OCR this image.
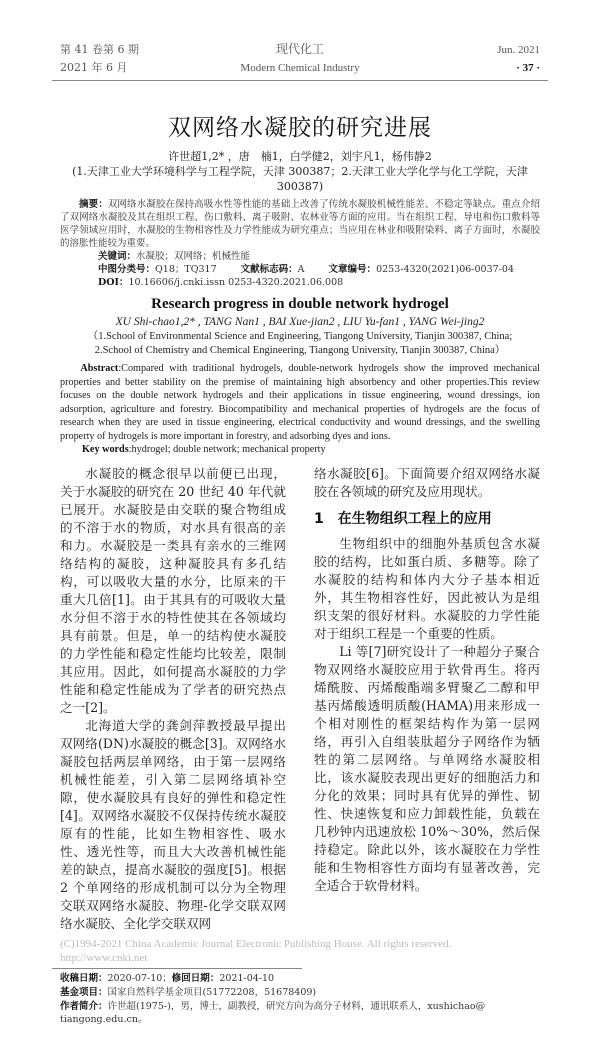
第 41 卷第 6 期	现代化工	Jun. 2021
2021 年 6 月	Modern Chemical Industry	· 37 ·
双网络水凝胶的研究进展
许世超1,2* ，唐　楠1，白学健2，刘宇凡1，杨伟静2
(1.天津工业大学环境科学与工程学院，天津 300387；2.天津工业大学化学与化工学院，天津 300387)
摘要：双网络水凝胶在保持高吸水性等性能的基础上改善了传统水凝胶机械性能差、不稳定等缺点。重点介绍了双网络水凝胶及其在组织工程、伤口敷料、离子吸附、农林业等方面的应用。当在组织工程、导电和伤口敷料等医学领域应用时，水凝胶的生物相容性及力学性能成为研究重点；当应用在林业和吸附染料、离子方面时，水凝胶的溶胀性能较为重要。
关键词：水凝胶；双网络；机械性能
中图分类号：Q18；TQ317	文献标志码：A	文章编号：0253-4320(2021)06-0037-04
DOI：10.16606/j.cnki.issn 0253-4320.2021.06.008
Research progress in double network hydrogel
XU Shi-chao1,2* , TANG Nan1 , BAI Xue-jian2 , LIU Yu-fan1 , YANG Wei-jing2
（1.School of Environmental Science and Engineering, Tiangong University, Tianjin 300387, China;
2.School of Chemistry and Chemical Engineering, Tiangong University, Tianjin 300387, China）
Abstract:Compared with traditional hydrogels, double-network hydrogels show the improved mechanical properties and better stability on the premise of maintaining high absorbency and other properties.This review focuses on the double network hydrogels and their applications in tissue engineering, wound dressings, ion adsorption, agriculture and forestry. Biocompatibility and mechanical properties of hydrogels are the focus of research when they are used in tissue engineering, electrical conductivity and wound dressings, and the swelling property of hydrogels is more important in forestry, and adsorbing dyes and ions.
Key words:hydrogel; double network; mechanical property

水凝胶的概念很早以前便已出现，关于水凝胶的研究在 20 世纪 40 年代就已展开。水凝胶是由交联的聚合物组成的不溶于水的物质，对水具有很高的亲和力。水凝胶是一类具有亲水的三维网络结构的凝胶，这种凝胶具有多孔结构，可以吸收大量的水分，比原来的干重大几倍[1]。由于其具有的可吸收大量水分但不溶于水的特性使其在各领域均具有前景。但是，单一的结构使水凝胶的力学性能和稳定性能均比较差，限制其应用。因此，如何提高水凝胶的力学性能和稳定性能成为了学者的研究热点之一[2]。

北海道大学的龚剑萍教授最早提出双网络(DN)水凝胶的概念[3]。双网络水凝胶包括两层单网络，由于第一层网络机械性能差，引入第二层网络填补空隙，使水凝胶具有良好的弹性和稳定性[4]。双网络水凝胶不仅保持传统水凝胶原有的性能，比如生物相容性、吸水性、透光性等，而且大大改善机械性能差的缺点，提高水凝胶的强度[5]。根据 2 个单网络的形成机制可以分为全物理交联双网络水凝胶、物理-化学交联双网络水凝胶、全化学交联双网

络水凝胶[6]。下面简要介绍双网络水凝胶在各领域的研究及应用现状。

1　在生物组织工程上的应用

生物组织中的细胞外基质包含水凝胶的结构，比如蛋白质、多糖等。除了水凝胶的结构和体内大分子基本相近外，其生物相容性好，因此被认为是组织支架的很好材料。水凝胶的力学性能对于组织工程是一个重要的性质。

Li 等[7]研究设计了一种超分子聚合物双网络水凝胶应用于软骨再生。将丙烯酰胺、丙烯酸酯端多臂聚乙二醇和甲基丙烯酸透明质酸(HAMA)用来形成一个相对刚性的框架结构作为第一层网络，再引入自组装肽超分子网络作为牺牲的第二层网络。与单网络水凝胶相比，该水凝胶表现出更好的细胞活力和分化的效果；同时具有优异的弹性、韧性、快速恢复和应力卸载性能，负载在几秒钟内迅速放松 10%～30%，然后保持稳定。除此以外，该水凝胶在力学性能和生物相容性方面均有显著改善，完全适合于软骨材料。

(C)1994-2021 China Academic Journal Electronic Publishing House. All rights reserved. http://www.cnki.net
收稿日期：2020-07-10；修回日期：2021-04-10
基金项目：国家自然科学基金项目(51772208，51678409)
作者简介：许世超(1975-)，男，博士，副教授，研究方向为高分子材料，通讯联系人，xushichao@ tiangong.edu.cn。
